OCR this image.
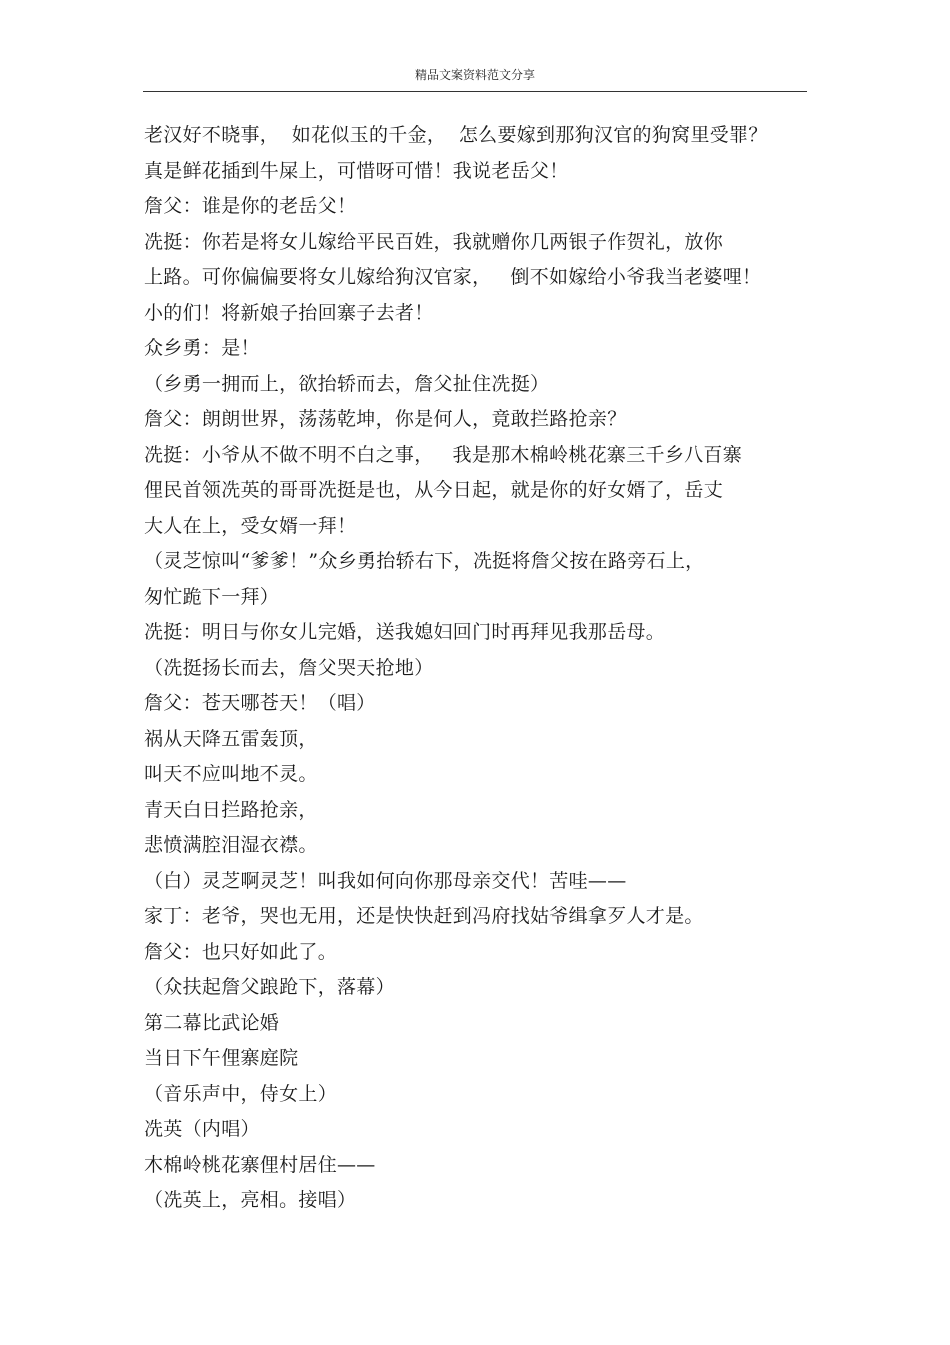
精品文案资料范文分享
老汉好不晓事，  如花似玉的千金，  怎么要嫁到那狗汉官的狗窝里受罪？
真是鲜花插到牛屎上，可惜呀可惜！我说老岳父！
詹父：谁是你的老岳父！
冼挺：你若是将女儿嫁给平民百姓，我就赠你几两银子作贺礼，放你
上路。可你偏偏要将女儿嫁给狗汉官家，   倒不如嫁给小爷我当老婆哩！
小的们！将新娘子抬回寨子去者！
众乡勇：是！
（乡勇一拥而上，欲抬轿而去，詹父扯住冼挺）
詹父：朗朗世界，荡荡乾坤，你是何人，竟敢拦路抢亲？
冼挺：小爷从不做不明不白之事，   我是那木棉岭桃花寨三千乡八百寨
俚民首领冼英的哥哥冼挺是也，从今日起，就是你的好女婿了，岳丈
大人在上，受女婿一拜！
（灵芝惊叫“爹爹！”众乡勇抬轿右下，冼挺将詹父按在路旁石上，
匆忙跪下一拜）
冼挺：明日与你女儿完婚，送我媳妇回门时再拜见我那岳母。
（冼挺扬长而去，詹父哭天抢地）
詹父：苍天哪苍天！（唱）
祸从天降五雷轰顶，
叫天不应叫地不灵。
青天白日拦路抢亲，
悲愤满腔泪湿衣襟。
（白）灵芝啊灵芝！叫我如何向你那母亲交代！苦哇——
家丁：老爷，哭也无用，还是快快赶到冯府找姑爷缉拿歹人才是。
詹父：也只好如此了。
（众扶起詹父踉跄下，落幕）
第二幕比武论婚
当日下午俚寨庭院
（音乐声中，侍女上）
冼英（内唱）
木棉岭桃花寨俚村居住——
（冼英上，亮相。接唱）
